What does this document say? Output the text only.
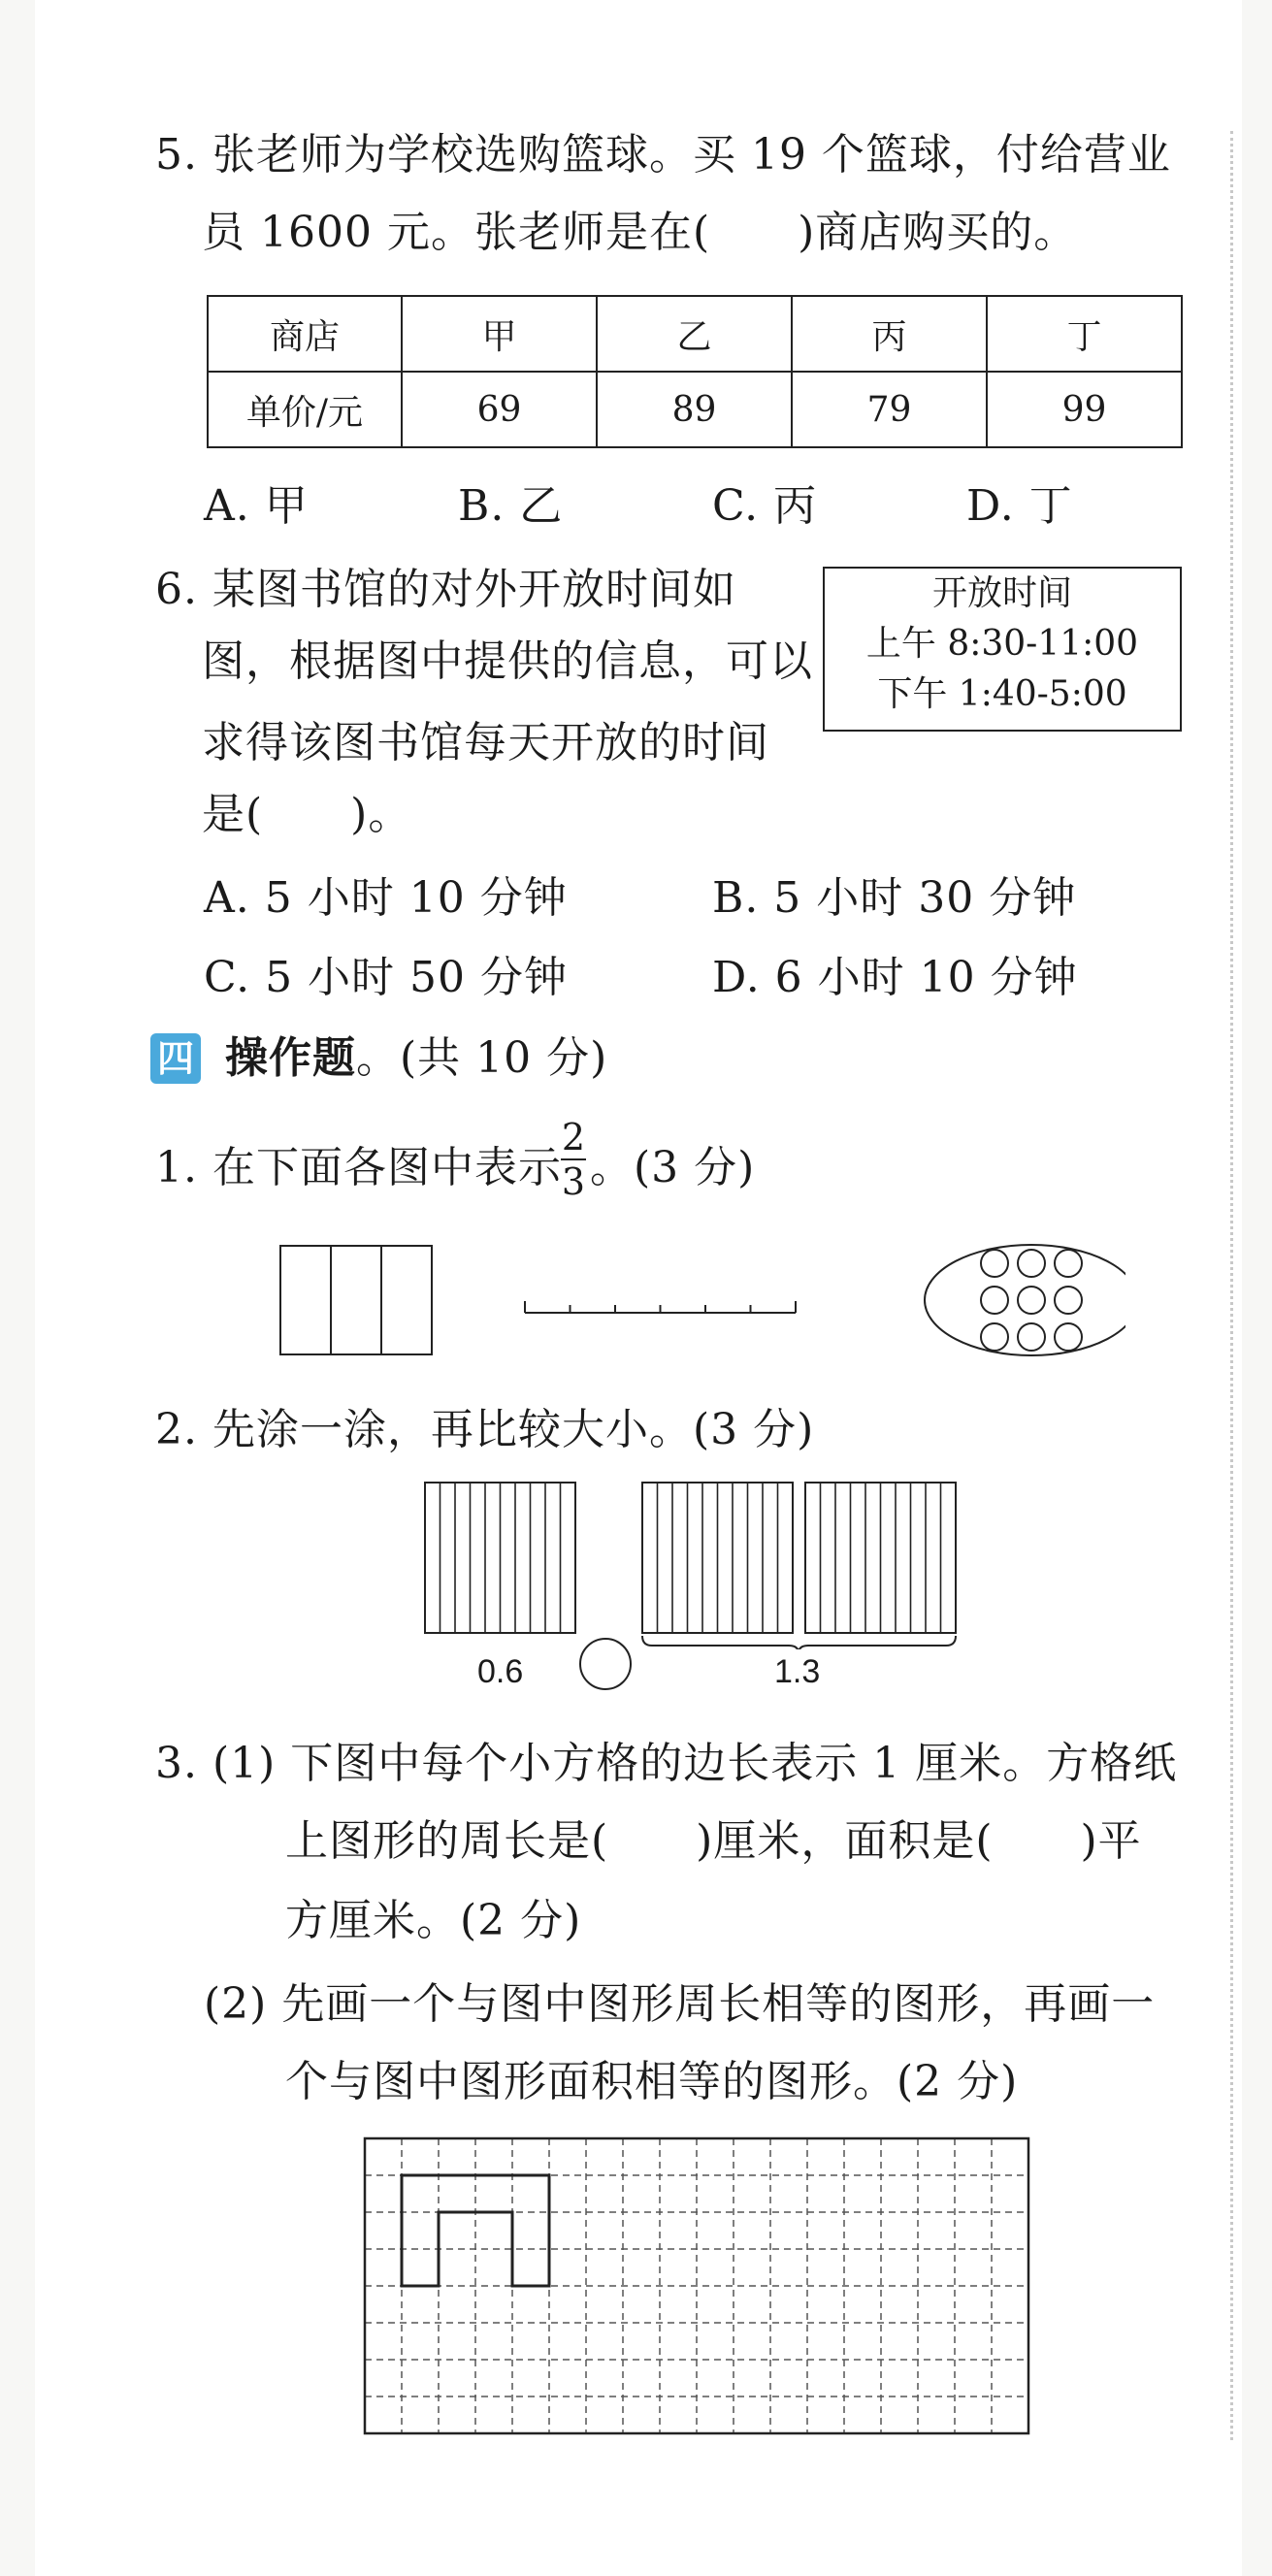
5. 张老师为学校选购篮球。买 19 个篮球，付给营业
员 1600 元。张老师是在(　　)商店购买的。
商店	甲	乙	丙	丁
单价/元	69	89	79	99
A. 甲	B. 乙	C. 丙	D. 丁
6. 某图书馆的对外开放时间如
图，根据图中提供的信息，可以
求得该图书馆每天开放的时间
是(　　)。
开放时间
上午 8:30-11:00
下午 1:40-5:00
A. 5 小时 10 分钟	B. 5 小时 30 分钟
C. 5 小时 50 分钟	D. 6 小时 10 分钟
四 操作题。(共 10 分)
1. 在下面各图中表示
2
3 。(3 分)
2. 先涂一涂，再比较大小。(3 分)
0.6	1.3
3. (1) 下图中每个小方格的边长表示 1 厘米。方格纸
上图形的周长是(　　)厘米，面积是(　　)平
方厘米。(2 分)
(2) 先画一个与图中图形周长相等的图形，再画一
个与图中图形面积相等的图形。(2 分)
